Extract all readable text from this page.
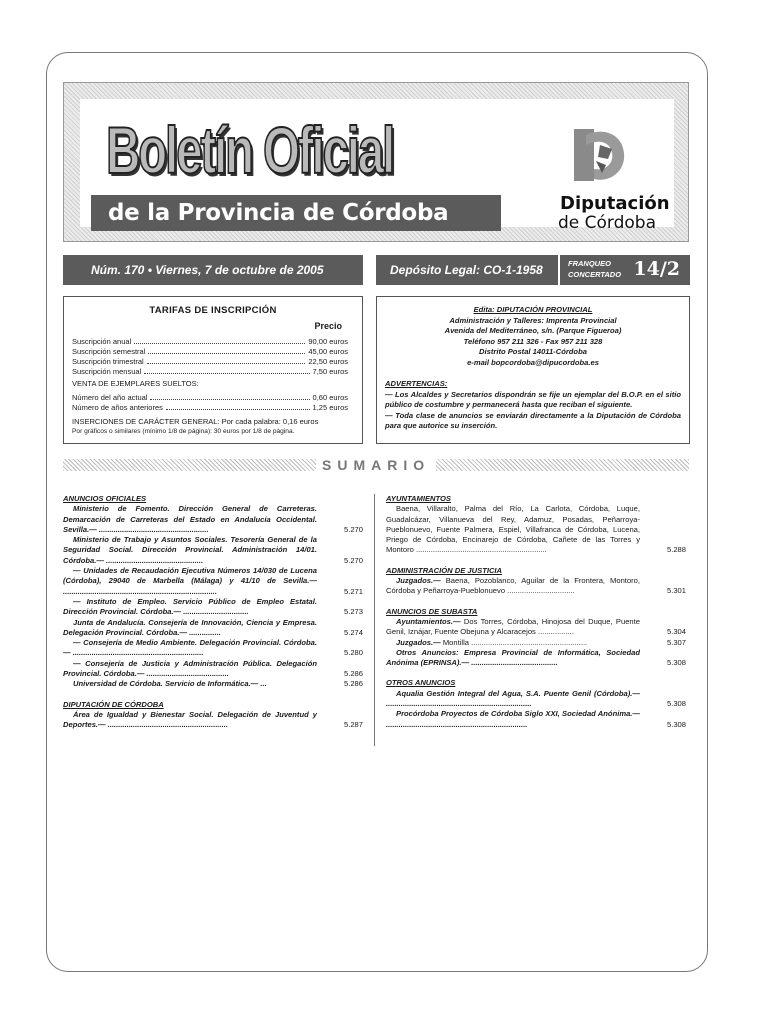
Boletín Oficial
Diputación
de Córdoba
de la Provincia de Córdoba
Núm. 170 • Viernes, 7 de octubre de 2005	Depósito Legal: CO-1-1958	FRANQUEO
CONCERTADO 14/2
TARIFAS DE INSCRIPCIÓN
Precio
Suscripción anual	90,00 euros
Suscripción semestral	45,00 euros
Suscripción trimestral	22,50 euros
Suscripción mensual	7,50 euros
VENTA DE EJEMPLARES SUELTOS:
Número del año actual	0,60 euros
Número de años anteriores	1,25 euros
INSERCIONES DE CARÁCTER GENERAL: Por cada palabra: 0,16 euros
Por gráficos o similares (mínimo 1/8 de página): 30 euros por 1/8 de página.
Edita: DIPUTACIÓN PROVINCIAL
Administración y Talleres: Imprenta Provincial
Avenida del Mediterráneo, s/n. (Parque Figueroa)
Teléfono 957 211 326 - Fax 957 211 328
Distrito Postal 14011-Córdoba
e-mail bopcordoba@dipucordoba.es
ADVERTENCIAS:
— Los Alcaldes y Secretarios dispondrán se fije un ejemplar del B.O.P. en el sitio público de costumbre y permanecerá hasta que reciban el siguiente.
— Toda clase de anuncios se enviarán directamente a la Diputación de Córdoba para que autorice su inserción.
SUMARIO
ANUNCIOS OFICIALES
Ministerio de Fomento. Dirección General de Carreteras. Demarcación de Carreteras del Estado en Andalucía Occidental. Sevilla.— ....................................................	5.270
Ministerio de Trabajo y Asuntos Sociales. Tesorería General de la Seguridad Social. Dirección Provincial. Administración 14/01. Córdoba.— ..............................................	5.270
— Unidades de Recaudación Ejecutiva Números 14/030 de Lucena (Córdoba), 29040 de Marbella (Málaga) y 41/10 de Sevilla.— .........................................................................	5.271
— Instituto de Empleo. Servicio Público de Empleo Estatal. Dirección Provincial. Córdoba.— ...............................	5.273
Junta de Andalucía. Consejería de Innovación, Ciencia y Empresa. Delegación Provincial. Córdoba.— ...............	5.274
— Consejería de Medio Ambiente. Delegación Provincial. Córdoba.— ..............................................................	5.280
— Consejería de Justicia y Administración Pública. Delegación Provincial. Córdoba.— .......................................	5.286
Universidad de Córdoba. Servicio de Informática.— ...	5.286
DIPUTACIÓN DE CÓRDOBA
Área de Igualdad y Bienestar Social. Delegación de Juventud y Deportes.— .........................................................	5.287
AYUNTAMIENTOS
Baena, Villaralto, Palma del Río, La Carlota, Córdoba, Luque, Guadalcázar, Villanueva del Rey, Adamuz, Posadas, Peñarroya-Pueblonuevo, Fuente Palmera, Espiel, Villafranca de Córdoba, Lucena, Priego de Córdoba, Encinarejo de Córdoba, Cañete de las Torres y Montoro ..............................................................	5.288
ADMINISTRACIÓN DE JUSTICIA
Juzgados.— Baena, Pozoblanco, Aguilar de la Frontera, Montoro, Córdoba y Peñarroya-Pueblonuevo ................................	5.301
ANUNCIOS DE SUBASTA
Ayuntamientos.— Dos Torres, Córdoba, Hinojosa del Duque, Puente Genil, Iznájar, Fuente Obejuna y Alcaracejos .................	5.304
Juzgados.— Montilla .......................................................	5.307
Otros Anuncios: Empresa Provincial de Informática, Sociedad Anónima (EPRINSA).— .........................................	5.308
OTROS ANUNCIOS
Aqualia Gestión Integral del Agua, S.A. Puente Genil (Córdoba).— .....................................................................	5.308
Procórdoba Proyectos de Córdoba Siglo XXI, Sociedad Anónima.— ...................................................................	5.308
